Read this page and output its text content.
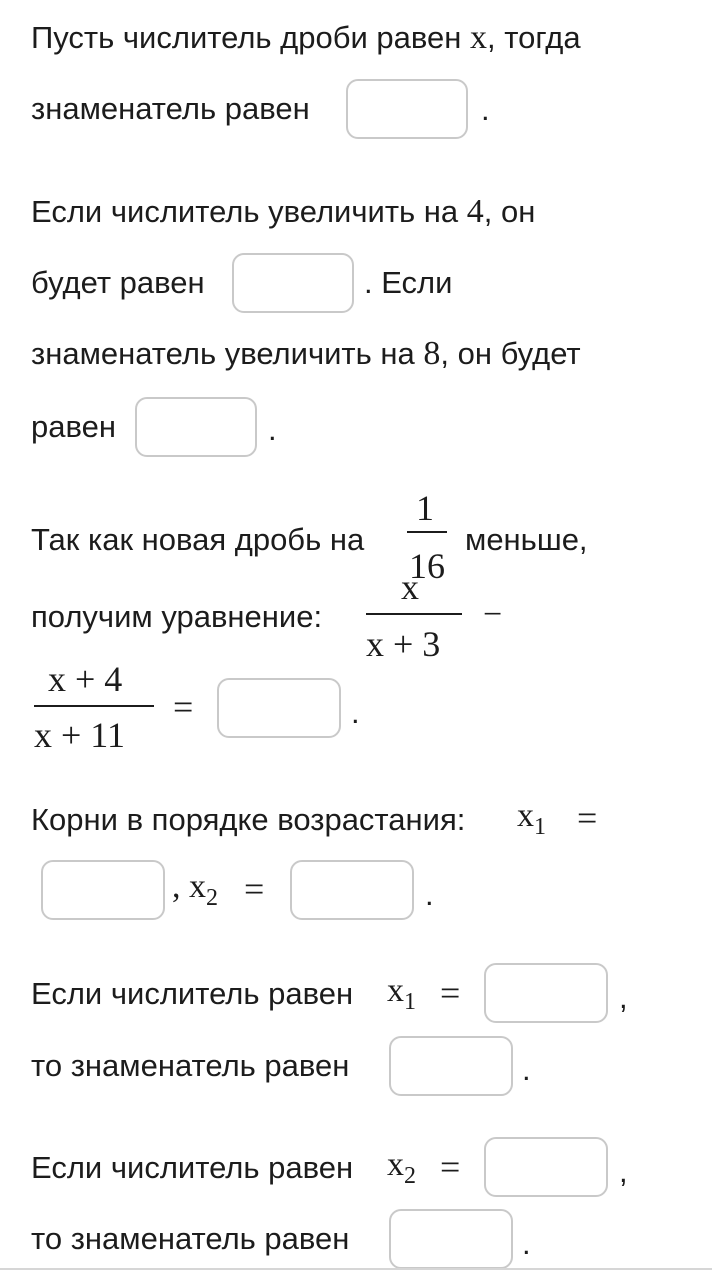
Пусть числитель дроби равен x, тогда
знаменатель равен	.
Если числитель увеличить на 4, он
будет равен	. Если
знаменатель увеличить на 8, он будет
равен	.
Так как новая дробь на
1
16
меньше,
получим уравнение:
x
x + 3
−
x + 4
x + 11
=	.
Корни в порядке возрастания: $x_1$ =
, $x_2$ =	.
Если числитель равен $x_1$ =	,
то знаменатель равен	.
Если числитель равен $x_2$ =	,
то знаменатель равен	.
